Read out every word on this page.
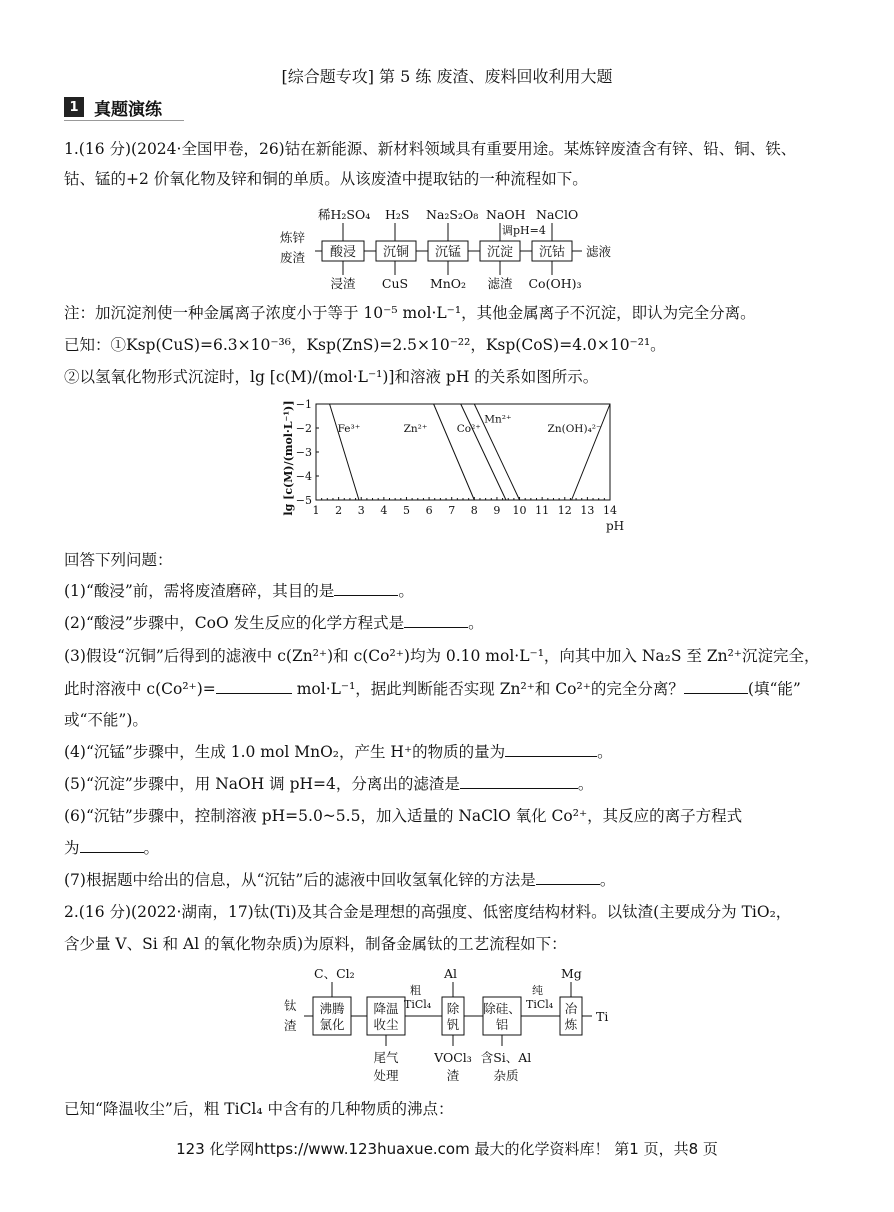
[综合题专攻] 第 5 练 废渣、废料回收利用大题
1 真题演练
1.(16 分)(2024·全国甲卷，26)钴在新能源、新材料领域具有重要用途。某炼锌废渣含有锌、铅、铜、铁、
钴、锰的+2 价氧化物及锌和铜的单质。从该废渣中提取钴的一种流程如下。
炼锌
废渣
稀H₂SO₄ H₂S Na₂S₂O₈ NaOH NaClO
调pH=4
酸浸 沉铜 沉锰 沉淀 沉钴
浸渣 CuS MnO₂ 滤渣 Co(OH)₃
滤液
注：加沉淀剂使一种金属离子浓度小于等于 10⁻⁵ mol·L⁻¹，其他金属离子不沉淀，即认为完全分离。
已知：①Ksp(CuS)=6.3×10⁻³⁶，Ksp(ZnS)=2.5×10⁻²²，Ksp(CoS)=4.0×10⁻²¹。
②以氢氧化物形式沉淀时，lg [c(M)/(mol·L⁻¹)]和溶液 pH 的关系如图所示。
1 2 3 4 5 6 7 8 9 10 11 12 13 14
−1
−2
−3
−4
−5
Fe³⁺	Zn²⁺	Co²⁺
Mn²⁺
Zn(OH)₄²⁻
lg [c(M)/(mol·L⁻¹)]
pH
回答下列问题：
(1)“酸浸”前，需将废渣磨碎，其目的是	。
(2)“酸浸”步骤中，CoO 发生反应的化学方程式是	。
(3)假设“沉铜”后得到的滤液中 c(Zn²⁺)和 c(Co²⁺)均为 0.10 mol·L⁻¹，向其中加入 Na₂S 至 Zn²⁺沉淀完全，
此时溶液中 c(Co²⁺)=	mol·L⁻¹，据此判断能否实现 Zn²⁺和 Co²⁺的完全分离？	(填“能”
或“不能”)。
(4)“沉锰”步骤中，生成 1.0 mol MnO₂，产生 H⁺的物质的量为	。
(5)“沉淀”步骤中，用 NaOH 调 pH=4，分离出的滤渣是	。
(6)“沉钴”步骤中，控制溶液 pH=5.0~5.5，加入适量的 NaClO 氧化 Co²⁺，其反应的离子方程式
为	。
(7)根据题中给出的信息，从“沉钴”后的滤液中回收氢氧化锌的方法是	。
2.(16 分)(2022·湖南，17)钛(Ti)及其合金是理想的高强度、低密度结构材料。以钛渣(主要成分为 TiO₂，
含少量 V、Si 和 Al 的氧化物杂质)为原料，制备金属钛的工艺流程如下：
钛
渣
C、Cl₂	Al	Mg
粗
TiCl₄
纯
TiCl₄
沸腾
氯化
降温
收尘
除
钒
除硅、
铝
冶
炼
尾气
处理
VOCl₃
渣
含Si、Al
杂质
Ti
已知“降温收尘”后，粗 TiCl₄ 中含有的几种物质的沸点：
123 化学网https://www.123huaxue.com 最大的化学资料库！ 第1 页，共8 页
